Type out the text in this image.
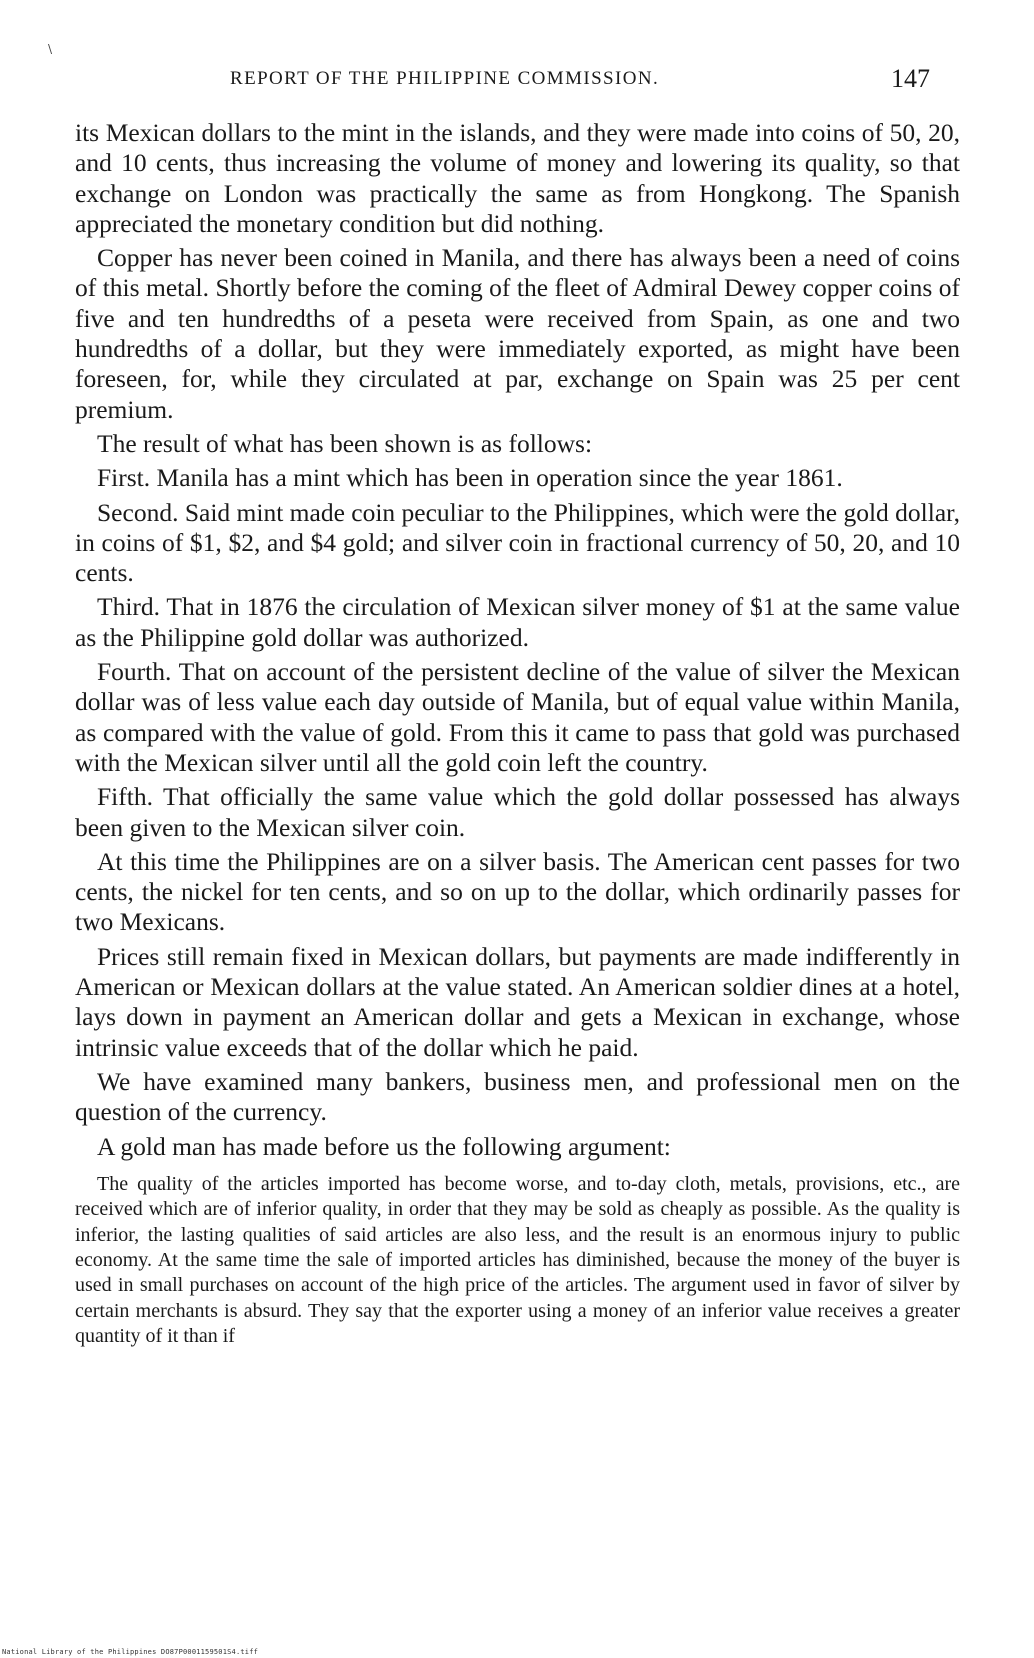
\
REPORT OF THE PHILIPPINE COMMISSION.	147

its Mexican dollars to the mint in the islands, and they were made into coins of 50, 20, and 10 cents, thus increasing the volume of money and lowering its quality, so that exchange on London was practically the same as from Hongkong. The Spanish appreciated the monetary condition but did nothing.

Copper has never been coined in Manila, and there has always been a need of coins of this metal. Shortly before the coming of the fleet of Admiral Dewey copper coins of five and ten hundredths of a peseta were received from Spain, as one and two hundredths of a dollar, but they were immediately exported, as might have been foreseen, for, while they circulated at par, exchange on Spain was 25 per cent premium.

The result of what has been shown is as follows:

First. Manila has a mint which has been in operation since the year 1861.

Second. Said mint made coin peculiar to the Philippines, which were the gold dollar, in coins of $1, $2, and $4 gold; and silver coin in fractional currency of 50, 20, and 10 cents.

Third. That in 1876 the circulation of Mexican silver money of $1 at the same value as the Philippine gold dollar was authorized.

Fourth. That on account of the persistent decline of the value of silver the Mexican dollar was of less value each day outside of Manila, but of equal value within Manila, as compared with the value of gold. From this it came to pass that gold was purchased with the Mexican silver until all the gold coin left the country.

Fifth. That officially the same value which the gold dollar possessed has always been given to the Mexican silver coin.

At this time the Philippines are on a silver basis. The American cent passes for two cents, the nickel for ten cents, and so on up to the dollar, which ordinarily passes for two Mexicans.

Prices still remain fixed in Mexican dollars, but payments are made indifferently in American or Mexican dollars at the value stated. An American soldier dines at a hotel, lays down in payment an American dollar and gets a Mexican in exchange, whose intrinsic value exceeds that of the dollar which he paid.

We have examined many bankers, business men, and professional men on the question of the currency.

A gold man has made before us the following argument:

The quality of the articles imported has become worse, and to-day cloth, metals, provisions, etc., are received which are of inferior quality, in order that they may be sold as cheaply as possible. As the quality is inferior, the lasting qualities of said articles are also less, and the result is an enormous injury to public economy. At the same time the sale of imported articles has diminished, because the money of the buyer is used in small purchases on account of the high price of the articles. The argument used in favor of silver by certain merchants is absurd. They say that the exporter using a money of an inferior value receives a greater quantity of it than if

National Library of the Philippines DO87P0001159501S4.tiff
